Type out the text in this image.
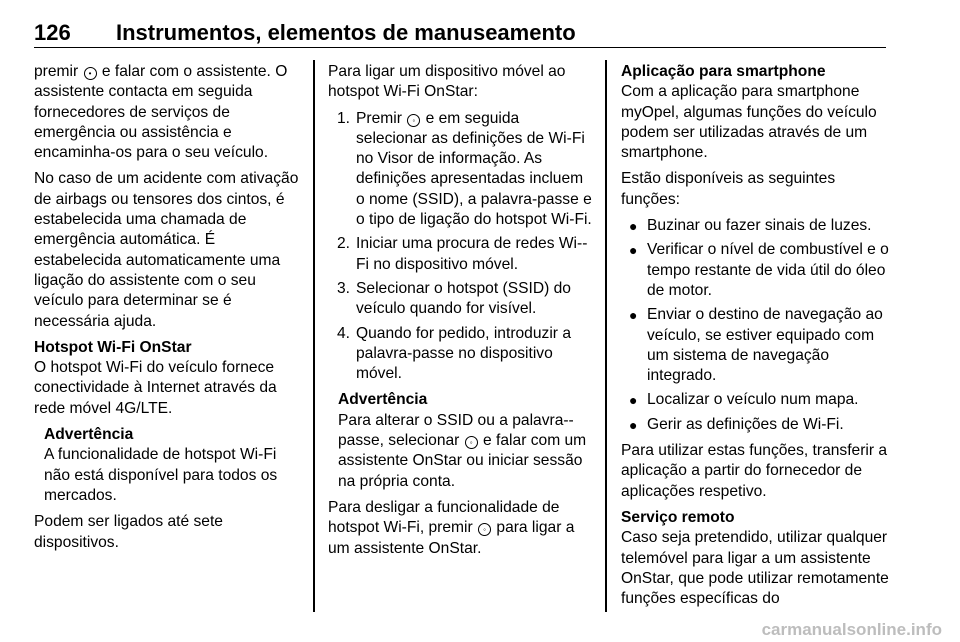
126 Instrumentos, elementos de manuseamento

premir • e falar com o assistente. O assistente contacta em seguida fornecedores de serviços de emergência ou assistência e encaminha-os para o seu veículo.

No caso de um acidente com ativação de airbags ou tensores dos cintos, é estabelecida uma chamada de emergência automática. É estabelecida automaticamente uma ligação do assistente com o seu veículo para determinar se é necessária ajuda.

Hotspot Wi-Fi OnStar

O hotspot Wi-Fi do veículo fornece conectividade à Internet através da rede móvel 4G/LTE.

Advertência

A funcionalidade de hotspot Wi-Fi não está disponível para todos os mercados.

Podem ser ligados até sete dispositivos.

Para ligar um dispositivo móvel ao hotspot Wi-Fi OnStar:

1. Premir ◦ e em seguida selecionar as definições de Wi-Fi no Visor de informação. As definições apresentadas incluem o nome (SSID), a palavra-passe e o tipo de ligação do hotspot Wi-Fi.
2. Iniciar uma procura de redes Wi--Fi no dispositivo móvel.
3. Selecionar o hotspot (SSID) do veículo quando for visível.
4. Quando for pedido, introduzir a palavra-passe no dispositivo móvel.
Advertência

Para alterar o SSID ou a palavra--passe, selecionar ◦ e falar com um assistente OnStar ou iniciar sessão na própria conta.

Para desligar a funcionalidade de hotspot Wi-Fi, premir ◦ para ligar a um assistente OnStar.

Aplicação para smartphone

Com a aplicação para smartphone myOpel, algumas funções do veículo podem ser utilizadas através de um smartphone.

Estão disponíveis as seguintes funções:

● Buzinar ou fazer sinais de luzes.
● Verificar o nível de combustível e o tempo restante de vida útil do óleo de motor.
● Enviar o destino de navegação ao veículo, se estiver equipado com um sistema de navegação integrado.
● Localizar o veículo num mapa.
● Gerir as definições de Wi-Fi.

Para utilizar estas funções, transferir a aplicação a partir do fornecedor de aplicações respetivo.

Serviço remoto

Caso seja pretendido, utilizar qualquer telemóvel para ligar a um assistente OnStar, que pode utilizar remotamente funções específicas do

carmanualsonline.info
